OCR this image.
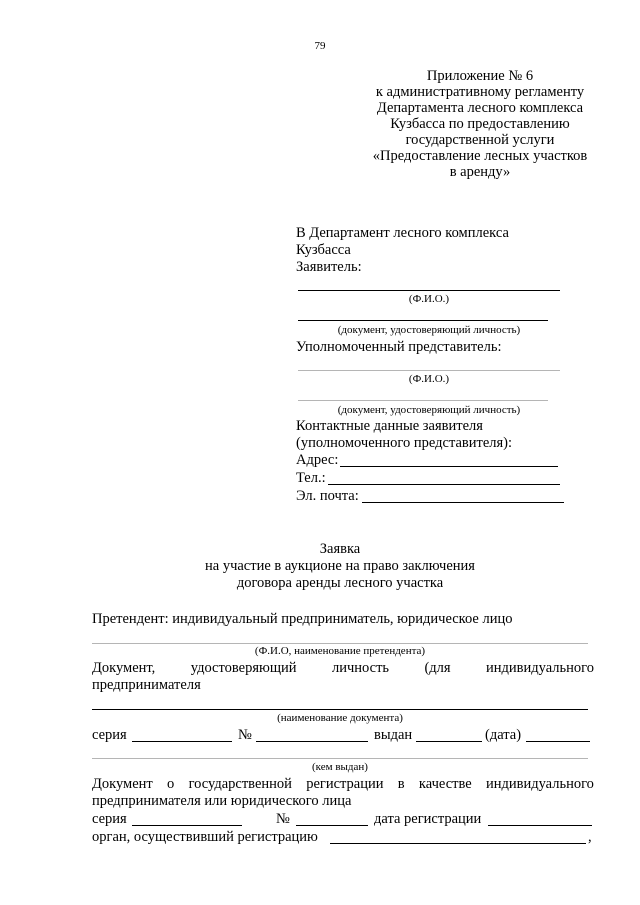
79
Приложение № 6
к административному регламенту
Департамента лесного комплекса
Кузбасса по предоставлению
государственной услуги
«Предоставление лесных участков
в аренду»
В Департамент лесного комплекса
Кузбасса
Заявитель:
(Ф.И.О.)
(документ, удостоверяющий личность)
Уполномоченный представитель:
(Ф.И.О.)
(документ, удостоверяющий личность)
Контактные данные заявителя
(уполномоченного представителя):
Адрес:
Тел.:
Эл. почта:
Заявка
на участие в аукционе на право заключения
договора аренды лесного участка
Претендент: индивидуальный предприниматель, юридическое лицо
(Ф.И.О, наименование претендента)
Документ, удостоверяющий личность (для индивидуального
предпринимателя
(наименование документа)
серия	№	выдан	(дата)
(кем выдан)
Документ о государственной регистрации в качестве индивидуального
предпринимателя или юридического лица
серия	№	дата регистрации
орган, осуществивший регистрацию	,
